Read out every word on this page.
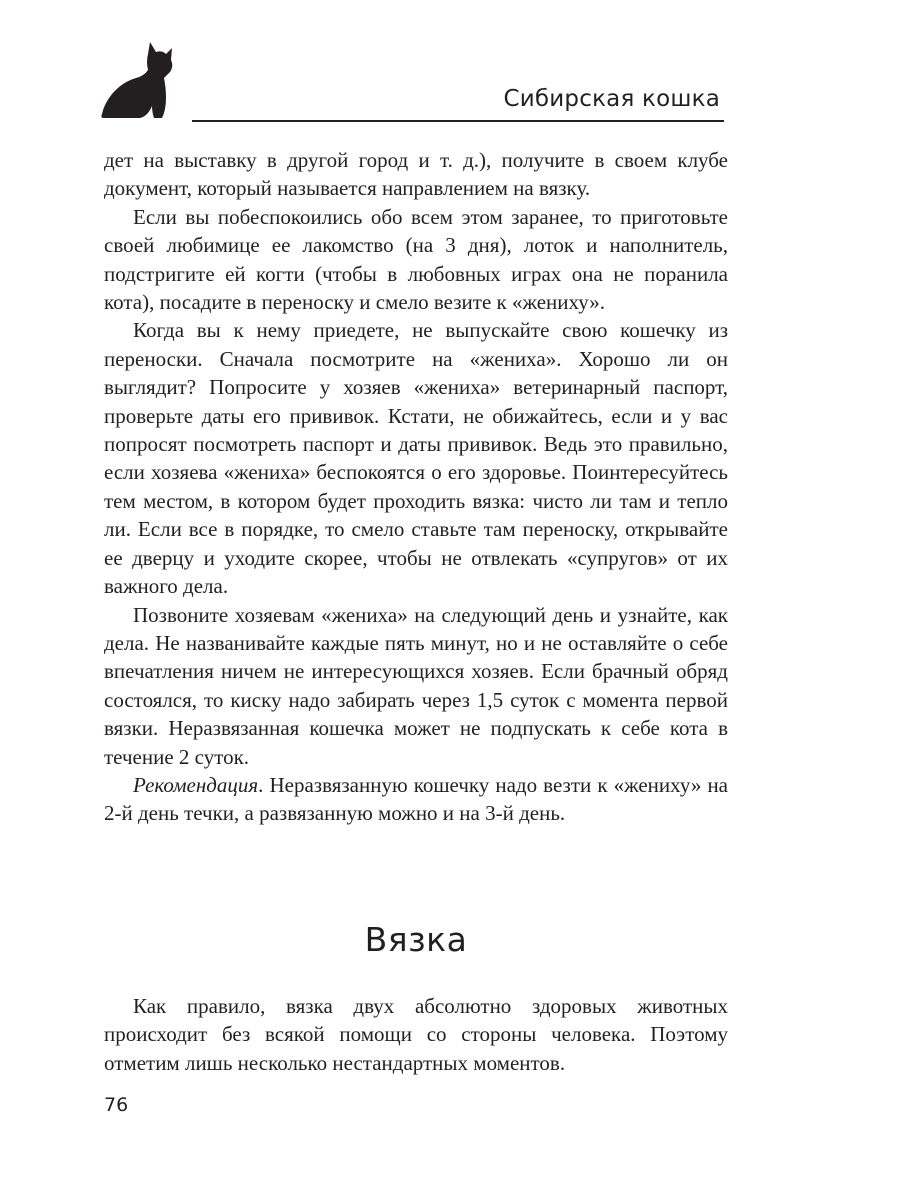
Сибирская кошка

дет на выставку в другой город и т. д.), получите в своем клубе документ, который называется направлением на вязку.

Если вы побеспокоились обо всем этом заранее, то приготовьте своей любимице ее лакомство (на 3 дня), лоток и наполнитель, подстригите ей когти (чтобы в любовных играх она не поранила кота), посадите в переноску и смело везите к «жениху».

Когда вы к нему приедете, не выпускайте свою кошечку из переноски. Сначала посмотрите на «жениха». Хорошо ли он выглядит? Попросите у хозяев «жениха» ветеринарный паспорт, проверьте даты его прививок. Кстати, не обижайтесь, если и у вас попросят посмотреть паспорт и даты прививок. Ведь это правильно, если хозяева «жениха» беспокоятся о его здоровье. Поинтересуйтесь тем местом, в котором будет проходить вязка: чисто ли там и тепло ли. Если все в порядке, то смело ставьте там переноску, открывайте ее дверцу и уходите скорее, чтобы не отвлекать «супругов» от их важного дела.

Позвоните хозяевам «жениха» на следующий день и узнайте, как дела. Не названивайте каждые пять минут, но и не оставляйте о себе впечатления ничем не интересующихся хозяев. Если брачный обряд состоялся, то киску надо забирать через 1,5 суток с момента первой вязки. Неразвязанная кошечка может не подпускать к себе кота в течение 2 суток.

Рекомендация. Неразвязанную кошечку надо везти к «жениху» на 2-й день течки, а развязанную можно и на 3-й день.

Вязка

Как правило, вязка двух абсолютно здоровых животных происходит без всякой помощи со стороны человека. Поэтому отметим лишь несколько нестандартных моментов.

76
